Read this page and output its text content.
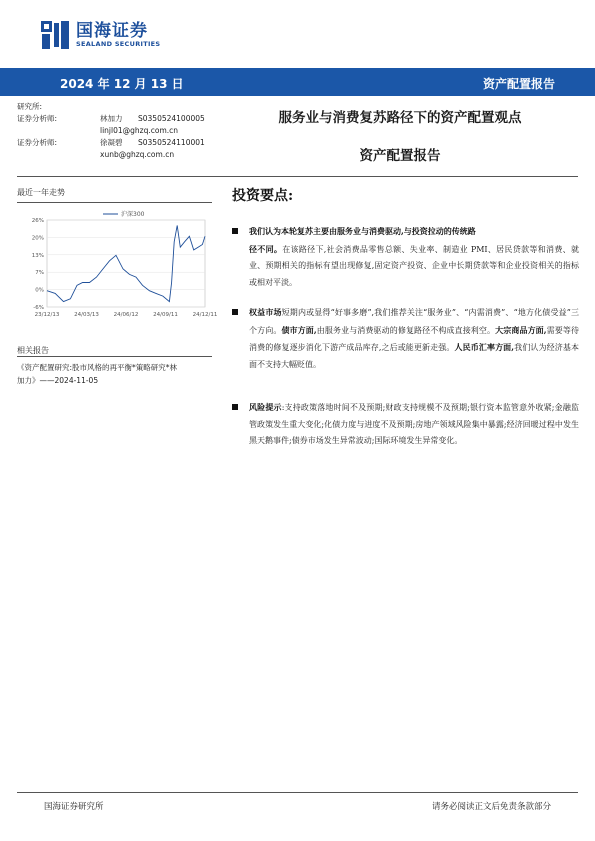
国海证券
SEALAND SECURITIES
2024 年 12 月 13 日	资产配置报告
研究所:
证券分析师:	林加力	S0350524100005
linjl01@ghzq.com.cn
证券分析师:	徐凝碧	S0350524110001
xunb@ghzq.com.cn
服务业与消费复苏路径下的资产配置观点
资产配置报告
最近一年走势
26%
20%
13%
7%
0%
-6%
23/12/13	24/03/13	24/06/12	24/09/11	24/12/11
沪深300
相关报告
《资产配置研究:股市风格的再平衡*策略研究*林
加力》——2024-11-05
投资要点:
我们认为本轮复苏主要由服务业与消费驱动,与投资拉动的传统路
径不同。在该路径下,社会消费品零售总额、失业率、制造业 PMI、居民贷款等和消费、就业、预期相关的指标有望出现修复,固定资产投资、企业中长期贷款等和企业投资相关的指标或相对平淡。
权益市场短期内或显得“好事多磨”,我们推荐关注“服务业”、“内需消费”、“地方化债受益”三个方向。债市方面,由服务业与消费驱动的修复路径不构成直接利空。大宗商品方面,需要等待消费的修复逐步消化下游产成品库存,之后或能更新走强。人民币汇率方面,我们认为经济基本面不支持大幅贬值。
风险提示:支持政策落地时间不及预期;财政支持规模不及预期;银行资本监管意外收紧;金融监管政策发生重大变化;化债力度与进度不及预期;房地产领域风险集中暴露;经济回暖过程中发生黑天鹅事件;债券市场发生异常波动;国际环境发生异常变化。
国海证券研究所	请务必阅读正文后免责条款部分
